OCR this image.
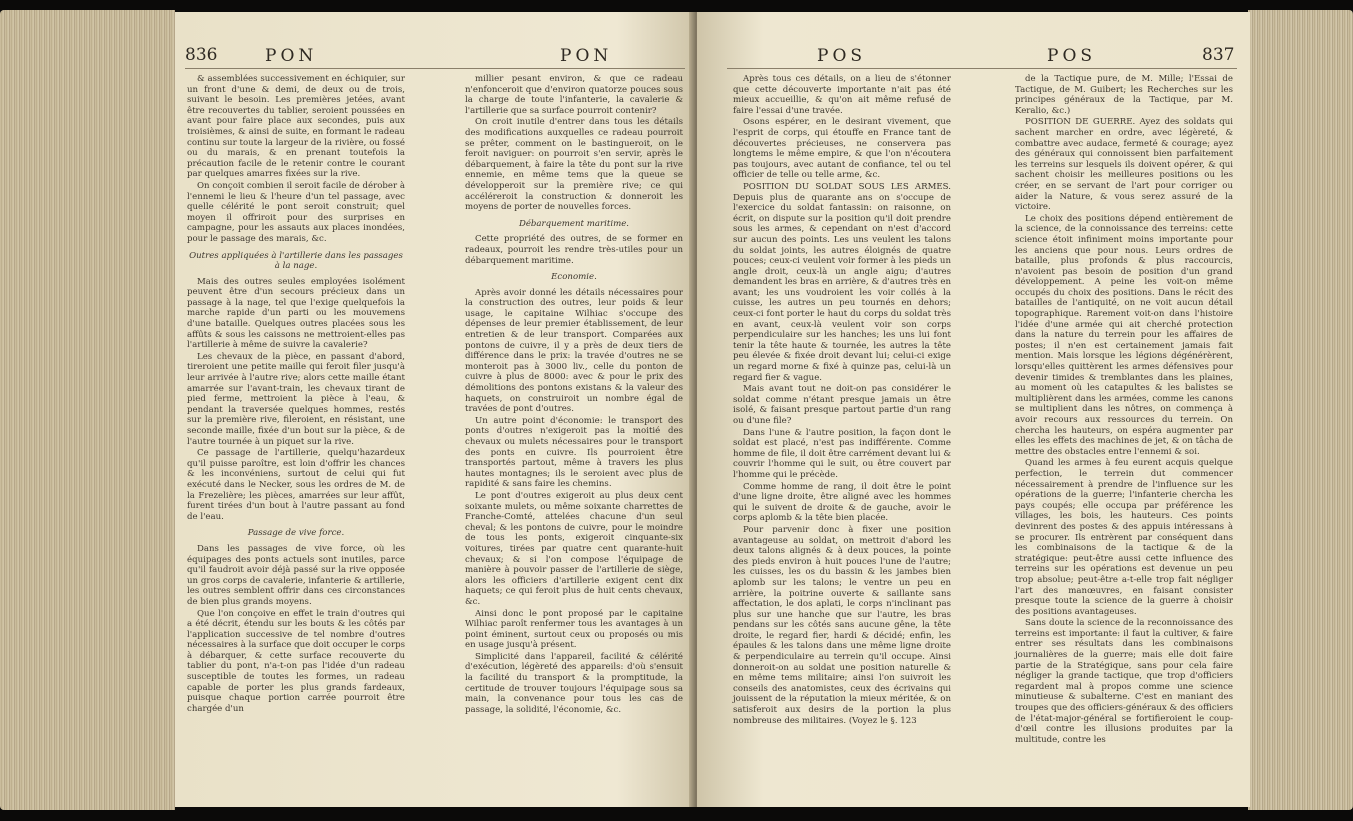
836	PON	PON

& assemblées successivement en échiquier, sur un front d'une & demi, de deux ou de trois, suivant le besoin. Les premières jetées, avant être recouvertes du tablier, seroient poussées en avant pour faire place aux secondes, puis aux troisièmes, & ainsi de suite, en formant le radeau continu sur toute la largeur de la rivière, ou fossé ou du marais, & en prenant toutefois la précaution facile de le retenir contre le courant par quelques amarres fixées sur la rive.

On conçoit combien il seroit facile de dérober à l'ennemi le lieu & l'heure d'un tel passage, avec quelle célérité le pont seroit construit; quel moyen il offriroit pour des surprises en campagne, pour les assauts aux places inondées, pour le passage des marais, &c.

Outres appliquées à l'artillerie dans les passages à la nage.

Mais des outres seules employées isolément peuvent être d'un secours précieux dans un passage à la nage, tel que l'exige quelquefois la marche rapide d'un parti ou les mouvemens d'une bataille. Quelques outres placées sous les affûts & sous les caissons ne mettroient-elles pas l'artillerie à même de suivre la cavalerie?

Les chevaux de la pièce, en passant d'abord, tireroient une petite maille qui feroit filer jusqu'à leur arrivée à l'autre rive; alors cette maille étant amarrée sur l'avant-train, les chevaux tirant de pied ferme, mettroient la pièce à l'eau, & pendant la traversée quelques hommes, restés sur la première rive, fileroient, en résistant, une seconde maille, fixée d'un bout sur la pièce, & de l'autre tournée à un piquet sur la rive.

Ce passage de l'artillerie, quelqu'hazardeux qu'il puisse paroître, est loin d'offrir les chances & les inconvéniens, surtout de celui qui fut exécuté dans le Necker, sous les ordres de M. de la Frezelière; les pièces, amarrées sur leur affût, furent tirées d'un bout à l'autre passant au fond de l'eau.

Passage de vive force.

Dans les passages de vive force, où les équipages des ponts actuels sont inutiles, parce qu'il faudroit avoir déjà passé sur la rive opposée un gros corps de cavalerie, infanterie & artillerie, les outres semblent offrir dans ces circonstances de bien plus grands moyens.

Que l'on conçoive en effet le train d'outres qui a été décrit, étendu sur les bouts & les côtés par l'application successive de tel nombre d'outres nécessaires à la surface que doit occuper le corps à débarquer, & cette surface recouverte du tablier du pont, n'a-t-on pas l'idée d'un radeau susceptible de toutes les formes, un radeau capable de porter les plus grands fardeaux, puisque chaque portion carrée pourroit être chargée d'un

millier pesant environ, & que ce radeau n'enfonceroit que d'environ quatorze pouces sous la charge de toute l'infanterie, la cavalerie & l'artillerie que sa surface pourroit contenir?

On croit inutile d'entrer dans tous les détails des modifications auxquelles ce radeau pourroit se prêter, comment on le bastingueroit, on le feroit naviguer: on pourroit s'en servir, après le débarquement, à faire la tête du pont sur la rive ennemie, en même tems que la queue se développeroit sur la première rive; ce qui accéléreroit la construction & donneroit les moyens de porter de nouvelles forces.

Débarquement maritime.

Cette propriété des outres, de se former en radeaux, pourroit les rendre très-utiles pour un débarquement maritime.

Economie.

Après avoir donné les détails nécessaires pour la construction des outres, leur poids & leur usage, le capitaine Wilhiac s'occupe des dépenses de leur premier établissement, de leur entretien & de leur transport. Comparées aux pontons de cuivre, il y a près de deux tiers de différence dans le prix: la travée d'outres ne se monteroit pas à 3000 liv., celle du ponton de cuivre à plus de 8000: avec & pour le prix des démolitions des pontons existans & la valeur des haquets, on construiroit un nombre égal de travées de pont d'outres.

Un autre point d'économie: le transport des ponts d'outres n'exigeroit pas la moitié des chevaux ou mulets nécessaires pour le transport des ponts en cuivre. Ils pourroient être transportés partout, même à travers les plus hautes montagnes; ils le seroient avec plus de rapidité & sans faire les chemins.

Le pont d'outres exigeroit au plus deux cent soixante mulets, ou même soixante charrettes de Franche-Comté, attelées chacune d'un seul cheval; & les pontons de cuivre, pour le moindre de tous les ponts, exigeroit cinquante-six voitures, tirées par quatre cent quarante-huit chevaux; & si l'on compose l'équipage de manière à pouvoir passer de l'artillerie de siège, alors les officiers d'artillerie exigent cent dix haquets; ce qui feroit plus de huit cents chevaux, &c.

Ainsi donc le pont proposé par le capitaine Wilhiac paroît renfermer tous les avantages à un point éminent, surtout ceux ou proposés ou mis en usage jusqu'à présent.

Simplicité dans l'appareil, facilité & célérité d'exécution, légèreté des appareils: d'où s'ensuit la facilité du transport & la promptitude, la certitude de trouver toujours l'équipage sous sa main, la convenance pour tous les cas de passage, la solidité, l'économie, &c.

POS	POS	837

Après tous ces détails, on a lieu de s'étonner que cette découverte importante n'ait pas été mieux accueillie, & qu'on ait même refusé de faire l'essai d'une travée.

Osons espérer, en le desirant vivement, que l'esprit de corps, qui étouffe en France tant de découvertes précieuses, ne conservera pas longtems le même empire, & que l'on n'écoutera pas toujours, avec autant de confiance, tel ou tel officier de telle ou telle arme, &c.

POSITION DU SOLDAT SOUS LES ARMES. Depuis plus de quarante ans on s'occupe de l'exercice du soldat fantassin: on raisonne, on écrit, on dispute sur la position qu'il doit prendre sous les armes, & cependant on n'est d'accord sur aucun des points. Les uns veulent les talons du soldat joints, les autres éloignés de quatre pouces; ceux-ci veulent voir former à les pieds un angle droit, ceux-là un angle aigu; d'autres demandent les bras en arrière, & d'autres très en avant; les uns voudroient les voir collés à la cuisse, les autres un peu tournés en dehors; ceux-ci font porter le haut du corps du soldat très en avant, ceux-là veulent voir son corps perpendiculaire sur les hanches; les uns lui font tenir la tête haute & tournée, les autres la tête peu élevée & fixée droit devant lui; celui-ci exige un regard morne & fixé à quinze pas, celui-là un regard fier & vague.

Mais avant tout ne doit-on pas considérer le soldat comme n'étant presque jamais un être isolé, & faisant presque partout partie d'un rang ou d'une file?

Dans l'une & l'autre position, la façon dont le soldat est placé, n'est pas indifférente. Comme homme de file, il doit être carrément devant lui & couvrir l'homme qui le suit, ou être couvert par l'homme qui le précède.

Comme homme de rang, il doit être le point d'une ligne droite, être aligné avec les hommes qui le suivent de droite & de gauche, avoir le corps aplomb & la tête bien placée.

Pour parvenir donc à fixer une position avantageuse au soldat, on mettroit d'abord les deux talons alignés & à deux pouces, la pointe des pieds environ à huit pouces l'une de l'autre; les cuisses, les os du bassin & les jambes bien aplomb sur les talons; le ventre un peu en arrière, la poitrine ouverte & saillante sans affectation, le dos aplati, le corps n'inclinant pas plus sur une hanche que sur l'autre, les bras pendans sur les côtés sans aucune gêne, la tête droite, le regard fier, hardi & décidé; enfin, les épaules & les talons dans une même ligne droite & perpendiculaire au terrein qu'il occupe. Ainsi donneroit-on au soldat une position naturelle & en même tems militaire; ainsi l'on suivroit les conseils des anatomistes, ceux des écrivains qui jouissent de la réputation la mieux méritée, & on satisferoit aux desirs de la portion la plus nombreuse des militaires. (Voyez le §. 123

de la Tactique pure, de M. Mille; l'Essai de Tactique, de M. Guibert; les Recherches sur les principes généraux de la Tactique, par M. Keralio, &c.)

POSITION DE GUERRE. Ayez des soldats qui sachent marcher en ordre, avec légèreté, & combattre avec audace, fermeté & courage; ayez des généraux qui connoissent bien parfaitement les terreins sur lesquels ils doivent opérer, & qui sachent choisir les meilleures positions ou les créer, en se servant de l'art pour corriger ou aider la Nature, & vous serez assuré de la victoire.

Le choix des positions dépend entièrement de la science, de la connoissance des terreins: cette science étoit infiniment moins importante pour les anciens que pour nous. Leurs ordres de bataille, plus profonds & plus raccourcis, n'avoient pas besoin de position d'un grand développement. A peine les voit-on même occupés du choix des positions. Dans le récit des batailles de l'antiquité, on ne voit aucun détail topographique. Rarement voit-on dans l'histoire l'idée d'une armée qui ait cherché protection dans la nature du terrein pour les affaires de postes; il n'en est certainement jamais fait mention. Mais lorsque les légions dégénérèrent, lorsqu'elles quittèrent les armes défensives pour devenir timides & tremblantes dans les plaines, au moment où les catapultes & les balistes se multiplièrent dans les armées, comme les canons se multiplient dans les nôtres, on commença à avoir recours aux ressources du terrein. On chercha les hauteurs, on espéra augmenter par elles les effets des machines de jet, & on tâcha de mettre des obstacles entre l'ennemi & soi.

Quand les armes à feu eurent acquis quelque perfection, le terrein dut commencer nécessairement à prendre de l'influence sur les opérations de la guerre; l'infanterie chercha les pays coupés; elle occupa par préférence les villages, les bois, les hauteurs. Ces points devinrent des postes & des appuis intéressans à se procurer. Ils entrèrent par conséquent dans les combinaisons de la tactique & de la stratégique: peut-être aussi cette influence des terreins sur les opérations est devenue un peu trop absolue; peut-être a-t-elle trop fait négliger l'art des manœuvres, en faisant consister presque toute la science de la guerre à choisir des positions avantageuses.

Sans doute la science de la reconnoissance des terreins est importante: il faut la cultiver, & faire entrer ses résultats dans les combinaisons journalières de la guerre; mais elle doit faire partie de la Stratégique, sans pour cela faire négliger la grande tactique, que trop d'officiers regardent mal à propos comme une science minutieuse & subalterne. C'est en maniant des troupes que des officiers-généraux & des officiers de l'état-major-général se fortifieroient le coup-d'œil contre les illusions produites par la multitude, contre les
